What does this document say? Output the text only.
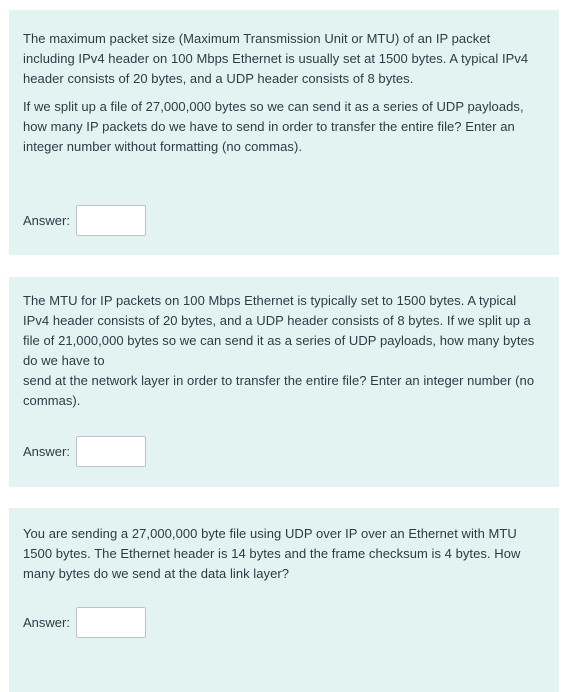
The maximum packet size (Maximum Transmission Unit or MTU) of an IP packet including IPv4 header on 100 Mbps Ethernet is usually set at 1500 bytes. A typical IPv4 header consists of 20 bytes, and a UDP header consists of 8 bytes.

If we split up a file of 27,000,000 bytes so we can send it as a series of UDP payloads, how many IP packets do we have to send in order to transfer the entire file? Enter an integer number without formatting (no commas).

Answer:

The MTU for IP packets on 100 Mbps Ethernet is typically set to 1500 bytes. A typical IPv4 header consists of 20 bytes, and a UDP header consists of 8 bytes. If we split up a file of 21,000,000 bytes so we can send it as a series of UDP payloads, how many bytes do we have to

send at the network layer in order to transfer the entire file? Enter an integer number (no commas).

Answer:

You are sending a 27,000,000 byte file using UDP over IP over an Ethernet with MTU 1500 bytes. The Ethernet header is 14 bytes and the frame checksum is 4 bytes. How many bytes do we send at the data link layer?

Answer:
